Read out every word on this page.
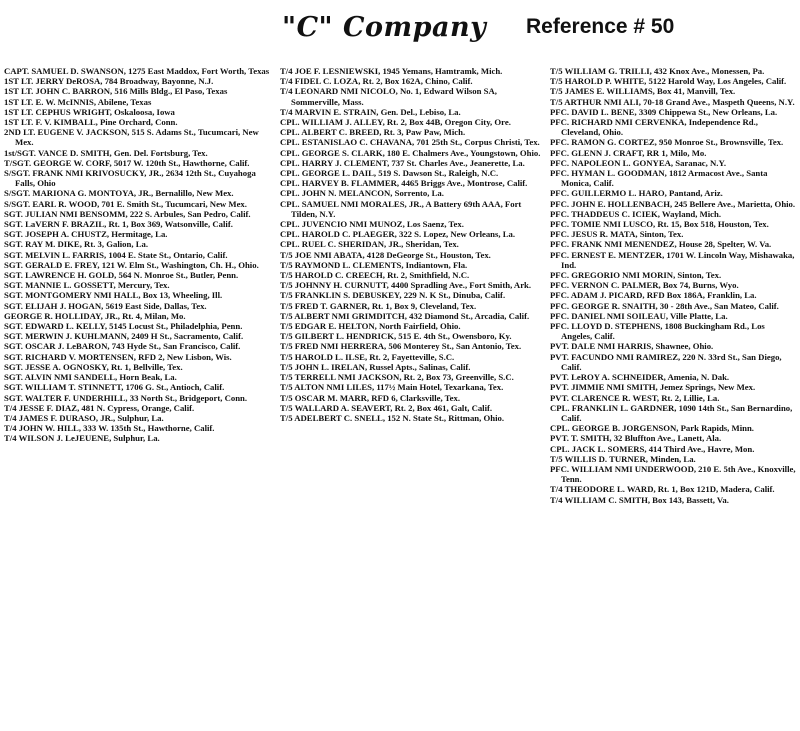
"C" Company Reference # 50
CAPT. SAMUEL D. SWANSON, 1275 East Maddox, Fort Worth, Texas
1ST LT. JERRY DeROSA, 784 Broadway, Bayonne, N.J.
1ST LT. JOHN C. BARRON, 516 Mills Bldg., El Paso, Texas
1ST LT. E. W. McINNIS, Abilene, Texas
1ST LT. CEPHUS WRIGHT, Oskaloosa, Iowa
1ST LT. F. V. KIMBALL, Pine Orchard, Conn.
2ND LT. EUGENE V. JACKSON, 515 S. Adams St., Tucumcari, New Mex.
1st/SGT. VANCE D. SMITH, Gen. Del. Fortsburg, Tex.
T/SGT. GEORGE W. CORF, 5017 W. 120th St., Hawthorne, Calif.
S/SGT. FRANK NMI KRIVOSUCKY, JR., 2634 12th St., Cuyahoga Falls, Ohio
S/SGT. MARIONA G. MONTOYA, JR., Bernalillo, New Mex.
S/SGT. EARL R. WOOD, 701 E. Smith St., Tucumcari, New Mex.
SGT. JULIAN NMI BENSOMM, 222 S. Arbules, San Pedro, Calif.
SGT. LaVERN F. BRAZIL, Rt. 1, Box 369, Watsonville, Calif.
SGT. JOSEPH A. CHUSTZ, Hermitage, La.
SGT. RAY M. DIKE, Rt. 3, Galion, La.
SGT. MELVIN L. FARRIS, 1004 E. State St., Ontario, Calif.
SGT. GERALD E. FREY, 121 W. Elm St., Washington, Ch. H., Ohio.
SGT. LAWRENCE H. GOLD, 564 N. Monroe St., Butler, Penn.
SGT. MANNIE L. GOSSETT, Mercury, Tex.
SGT. MONTGOMERY NMI HALL, Box 13, Wheeling, Ill.
SGT. ELIJAH J. HOGAN, 5619 East Side, Dallas, Tex.
GEORGE R. HOLLIDAY, JR., Rt. 4, Milan, Mo.
SGT. EDWARD L. KELLY, 5145 Locust St., Philadelphia, Penn.
SGT. MERWIN J. KUHLMANN, 2409 H St., Sacramento, Calif.
SGT. OSCAR J. LeBARON, 743 Hyde St., San Francisco, Calif.
SGT. RICHARD V. MORTENSEN, RFD 2, New Lisbon, Wis.
SGT. JESSE A. OGNOSKY, Rt. 1, Bellville, Tex.
SGT. ALVIN NMI SANDELL, Horn Beak, La.
SGT. WILLIAM T. STINNETT, 1706 G. St., Antioch, Calif.
SGT. WALTER F. UNDERHILL, 33 North St., Bridgeport, Conn.
T/4 JESSE F. DIAZ, 481 N. Cypress, Orange, Calif.
T/4 JAMES F. DURASO, JR., Sulphur, La.
T/4 JOHN W. HILL, 333 W. 135th St., Hawthorne, Calif.
T/4 WILSON J. LeJEUENE, Sulphur, La.
T/4 JOE F. LESNIEWSKI, 1945 Yemans, Hamtramk, Mich.
T/4 FIDEL C. LOZA, Rt. 2, Box 162A, Chino, Calif.
T/4 LEONARD NMI NICOLO, No. 1, Edward Wilson SA, Sommerville, Mass.
T/4 MARVIN E. STRAIN, Gen. Del., Lebiso, La.
CPL. WILLIAM J. ALLEY, Rt. 2, Box 44B, Oregon City, Ore.
CPL. ALBERT C. BREED, Rt. 3, Paw Paw, Mich.
CPL. ESTANISLAO C. CHAVANA, 701 25th St., Corpus Christi, Tex.
CPL. GEORGE S. CLARK, 180 E. Chalmers Ave., Youngstown, Ohio.
CPL. HARRY J. CLEMENT, 737 St. Charles Ave., Jeanerette, La.
CPL. GEORGE L. DAIL, 519 S. Dawson St., Raleigh, N.C.
CPL. HARVEY B. FLAMMER, 4465 Briggs Ave., Montrose, Calif.
CPL. JOHN N. MELANCON, Sorrento, La.
CPL. SAMUEL NMI MORALES, JR., A Battery 69th AAA, Fort Tilden, N.Y.
CPL. JUVENCIO NMI MUNOZ, Los Saenz, Tex.
CPL. HAROLD C. PLAEGER, 322 S. Lopez, New Orleans, La.
CPL. RUEL C. SHERIDAN, JR., Sheridan, Tex.
T/5 JOE NMI ABATA, 4128 DeGeorge St., Houston, Tex.
T/5 RAYMOND L. CLEMENTS, Indiantown, Fla.
T/5 HAROLD C. CREECH, Rt. 2, Smithfield, N.C.
T/5 JOHNNY H. CURNUTT, 4400 Spradling Ave., Fort Smith, Ark.
T/5 FRANKLIN S. DEBUSKEY, 229 N. K St., Dinuba, Calif.
T/5 FRED T. GARNER, Rt. 1, Box 9, Cleveland, Tex.
T/5 ALBERT NMI GRIMDITCH, 432 Diamond St., Arcadia, Calif.
T/5 EDGAR E. HELTON, North Fairfield, Ohio.
T/5 GILBERT L. HENDRICK, 515 E. 4th St., Owensboro, Ky.
T/5 FRED NMI HERRERA, 506 Monterey St., San Antonio, Tex.
T/5 HAROLD L. ILSE, Rt. 2, Fayetteville, S.C.
T/5 JOHN L. IRELAN, Russel Apts., Salinas, Calif.
T/5 TERRELL NMI JACKSON, Rt. 2, Box 73, Greenville, S.C.
T/5 ALTON NMI LILES, 117½ Main Hotel, Texarkana, Tex.
T/5 OSCAR M. MARR, RFD 6, Clarksville, Tex.
T/5 WALLARD A. SEAVERT, Rt. 2, Box 461, Galt, Calif.
T/5 ADELBERT C. SNELL, 152 N. State St., Rittman, Ohio.
T/5 WILLIAM G. TRILLI, 432 Knox Ave., Monessen, Pa.
T/5 HAROLD P. WHITE, 5122 Harold Way, Los Angeles, Calif.
T/5 JAMES E. WILLIAMS, Box 41, Manvill, Tex.
T/5 ARTHUR NMI ALI, 70-18 Grand Ave., Maspeth Queens, N.Y.
PFC. DAVID L. BENE, 3309 Chippewa St., New Orleans, La.
PFC. RICHARD NMI CERVENKA, Independence Rd., Cleveland, Ohio.
PFC. RAMON G. CORTEZ, 950 Monroe St., Brownsville, Tex.
PFC. GLENN J. CRAFT, RR 1, Milo, Mo.
PFC. NAPOLEON L. GONYEA, Saranac, N.Y.
PFC. HYMAN L. GOODMAN, 1812 Armacost Ave., Santa Monica, Calif.
PFC. GUILLERMO L. HARO, Pantand, Ariz.
PFC. JOHN E. HOLLENBACH, 245 Bellere Ave., Marietta, Ohio.
PFC. THADDEUS C. ICIEK, Wayland, Mich.
PFC. TOMIE NMI LUSCO, Rt. 15, Box 518, Houston, Tex.
PFC. JESUS R. MATA, Sinton, Tex.
PFC. FRANK NMI MENENDEZ, House 28, Spelter, W. Va.
PFC. ERNEST E. MENTZER, 1701 W. Lincoln Way, Mishawaka, Ind.
PFC. GREGORIO NMI MORIN, Sinton, Tex.
PFC. VERNON C. PALMER, Box 74, Burns, Wyo.
PFC. ADAM J. PICARD, RFD Box 186A, Franklin, La.
PFC. GEORGE R. SNAITH, 30 - 28th Ave., San Mateo, Calif.
PFC. DANIEL NMI SOILEAU, Ville Platte, La.
PFC. LLOYD D. STEPHENS, 1808 Buckingham Rd., Los Angeles, Calif.
PVT. DALE NMI HARRIS, Shawnee, Ohio.
PVT. FACUNDO NMI RAMIREZ, 220 N. 33rd St., San Diego, Calif.
PVT. LeROY A. SCHNEIDER, Amenia, N. Dak.
PVT. JIMMIE NMI SMITH, Jemez Springs, New Mex.
PVT. CLARENCE R. WEST, Rt. 2, Lillie, La.
CPL. FRANKLIN L. GARDNER, 1090 14th St., San Bernardino, Calif.
CPL. GEORGE B. JORGENSON, Park Rapids, Minn.
PVT. T. SMITH, 32 Bluffton Ave., Lanett, Ala.
CPL. JACK L. SOMERS, 414 Third Ave., Havre, Mon.
T/5 WILLIS D. TURNER, Minden, La.
PFC. WILLIAM NMI UNDERWOOD, 210 E. 5th Ave., Knoxville, Tenn.
T/4 THEODORE L. WARD, Rt. 1, Box 121D, Madera, Calif.
T/4 WILLIAM C. SMITH, Box 143, Bassett, Va.
